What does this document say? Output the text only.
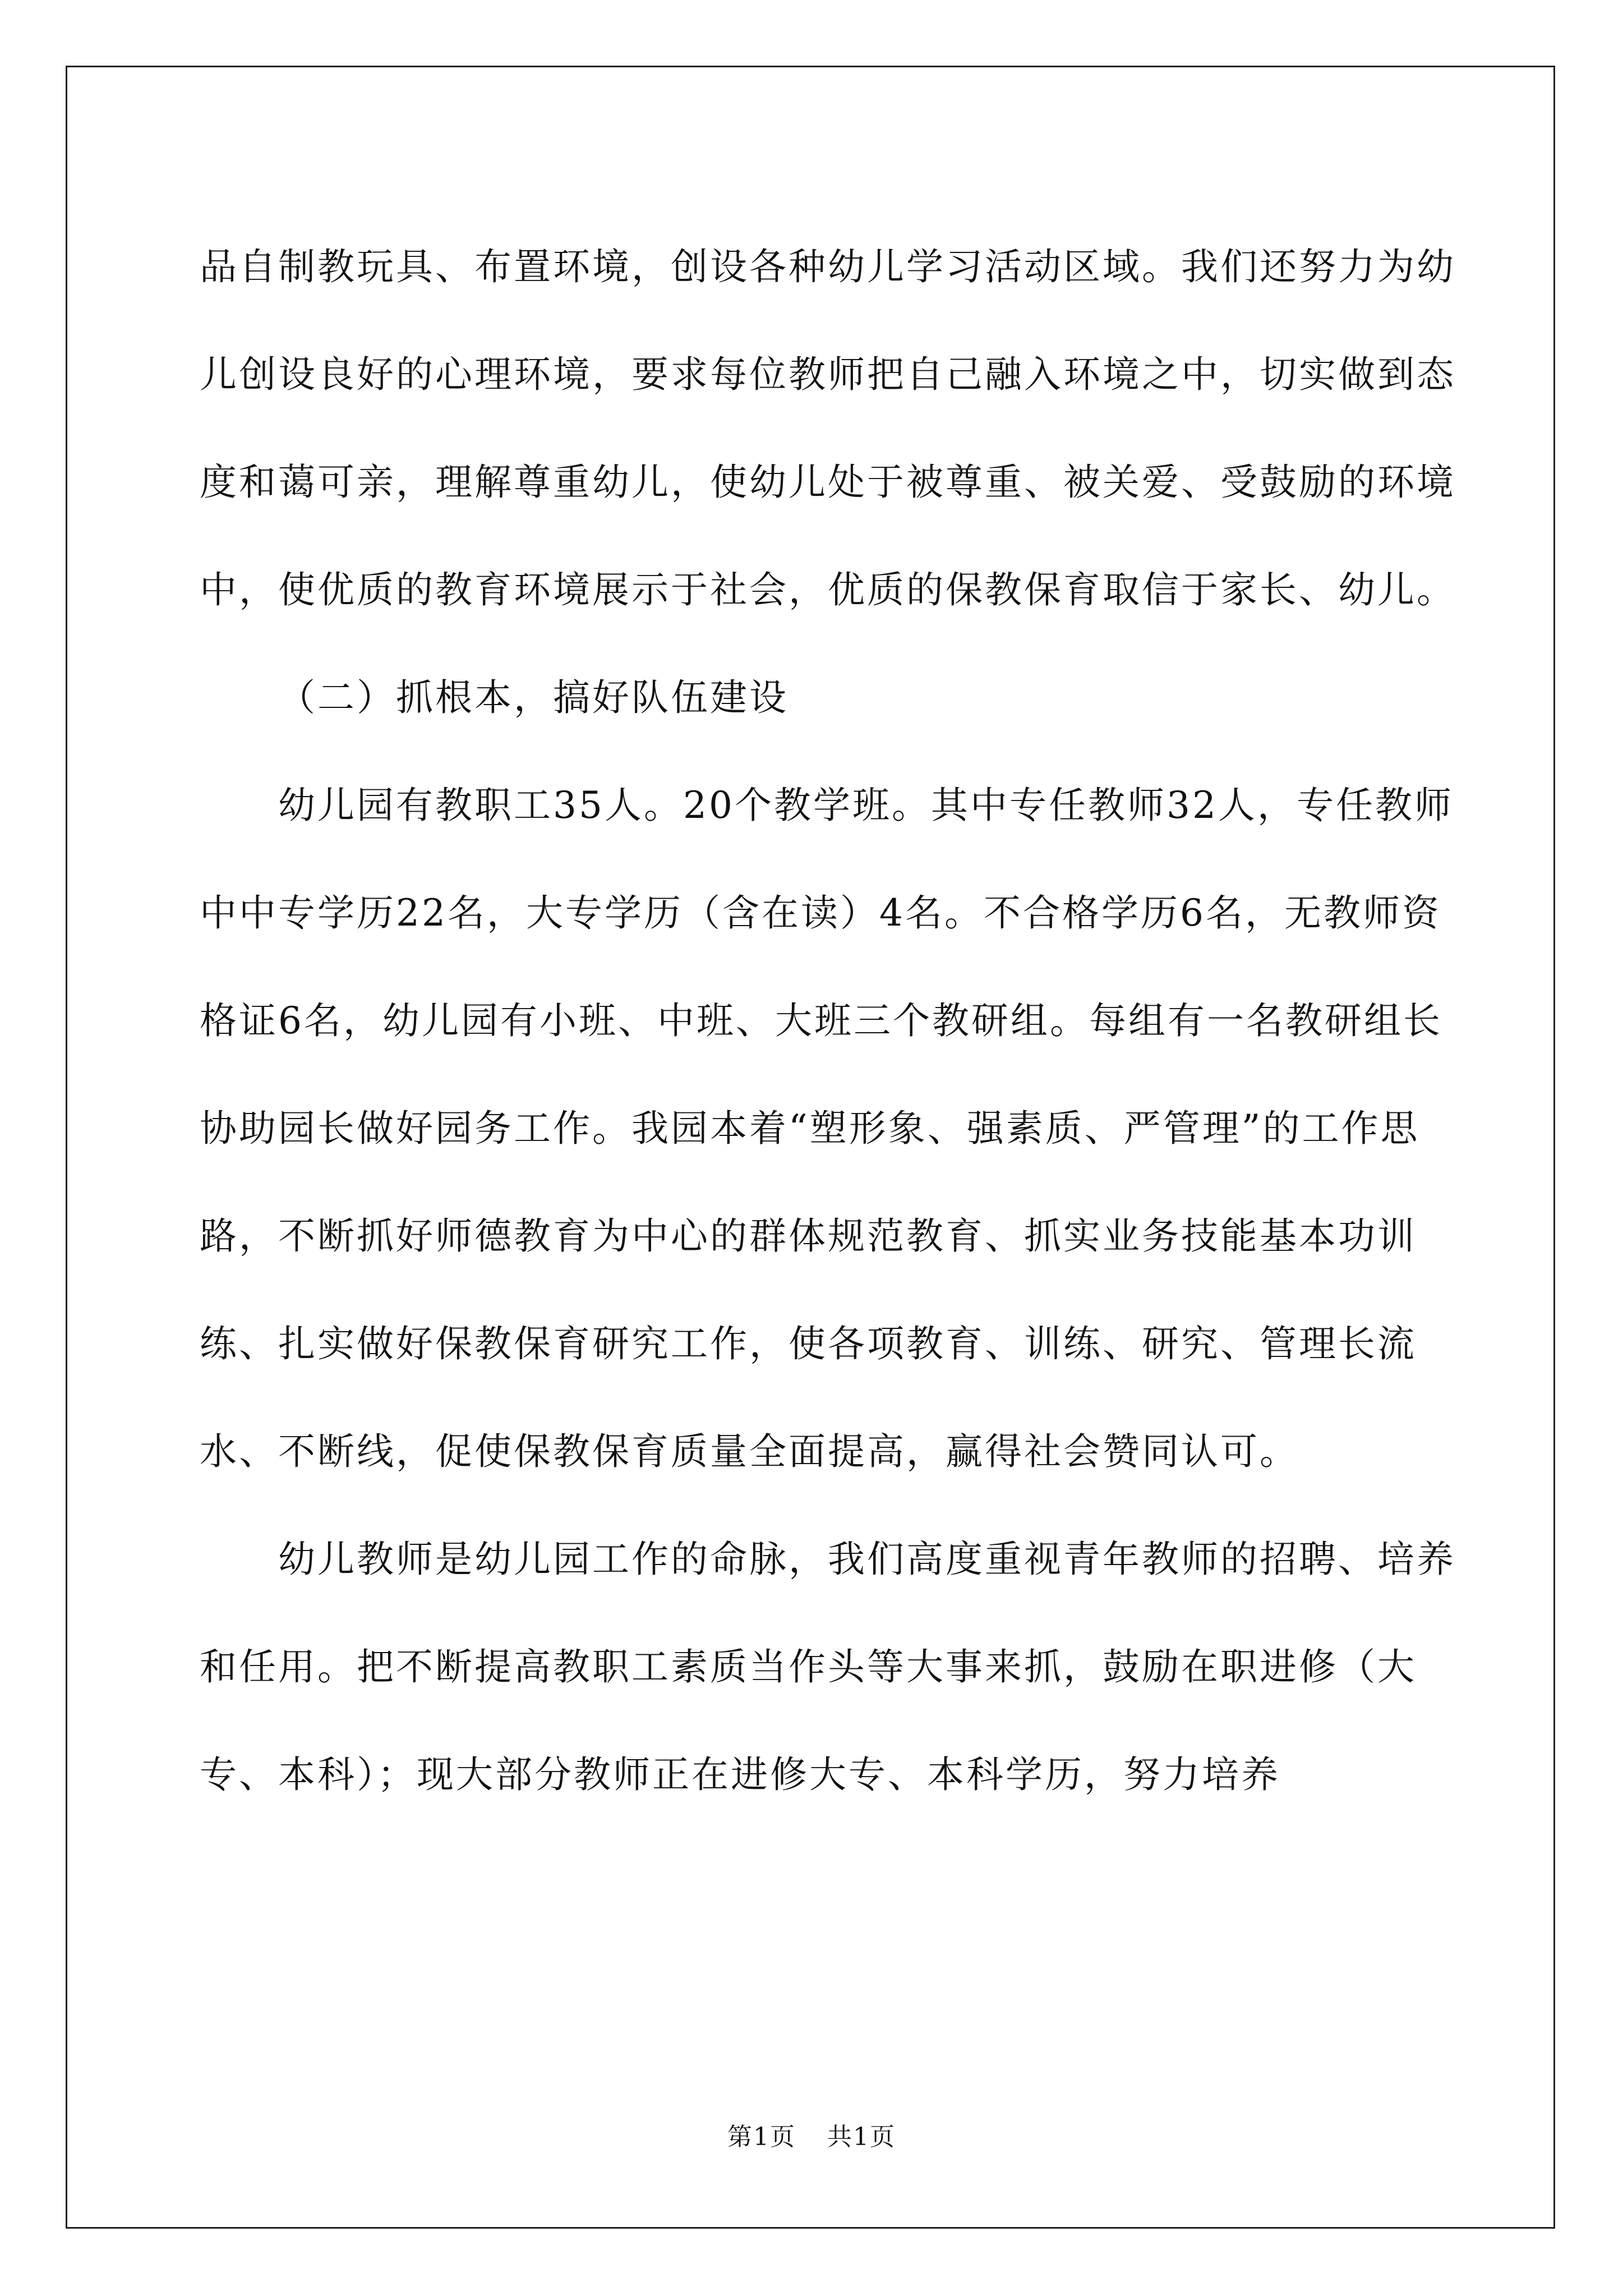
品自制教玩具、布置环境，创设各种幼儿学习活动区域。我们还努力为幼儿创设良好的心理环境，要求每位教师把自己融入环境之中，切实做到态度和蔼可亲，理解尊重幼儿，使幼儿处于被尊重、被关爱、受鼓励的环境中，使优质的教育环境展示于社会，优质的保教保育取信于家长、幼儿。

（二）抓根本，搞好队伍建设

幼儿园有教职工35人。20个教学班。其中专任教师32人，专任教师中中专学历22名，大专学历（含在读）4名。不合格学历6名，无教师资格证6名，幼儿园有小班、中班、大班三个教研组。每组有一名教研组长协助园长做好园务工作。我园本着“塑形象、强素质、严管理”的工作思路，不断抓好师德教育为中心的群体规范教育、抓实业务技能基本功训练、扎实做好保教保育研究工作，使各项教育、训练、研究、管理长流水、不断线，促使保教保育质量全面提高，赢得社会赞同认可。

幼儿教师是幼儿园工作的命脉，我们高度重视青年教师的招聘、培养和任用。把不断提高教职工素质当作头等大事来抓，鼓励在职进修（大专、本科）；现大部分教师正在进修大专、本科学历，努力培养

第1页 共1页
